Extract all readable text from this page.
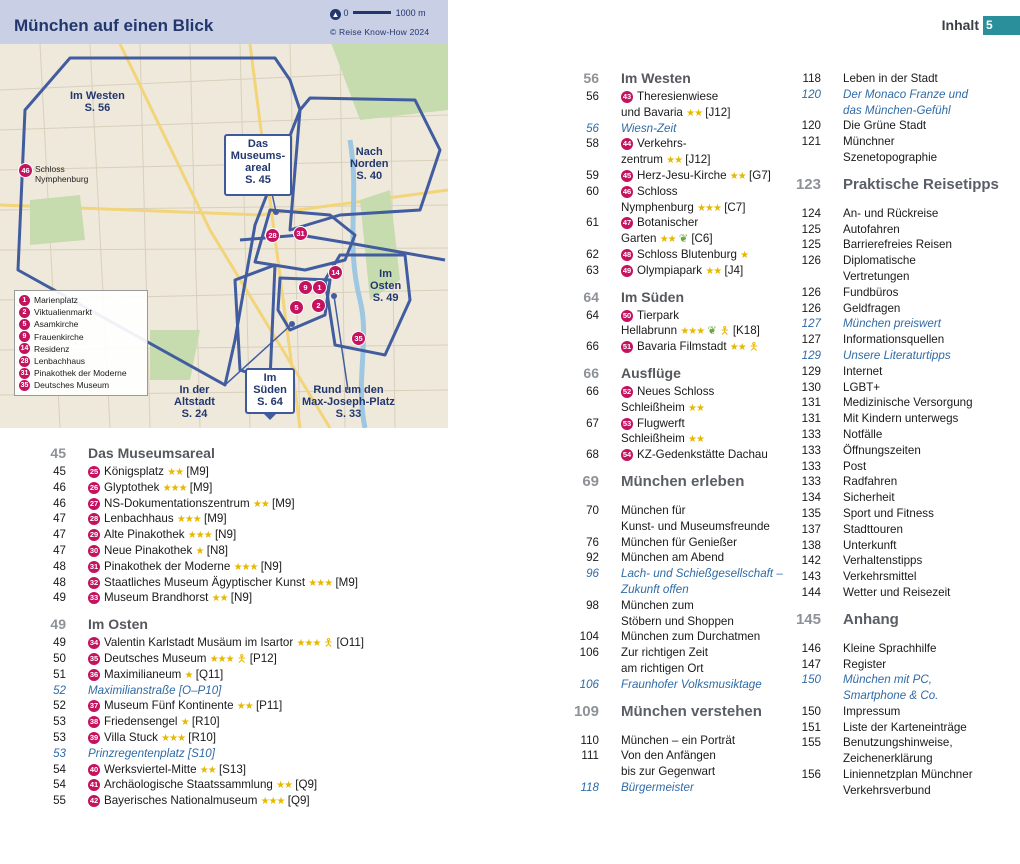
München auf einen Blick
▲ 0	1000 m
© Reise Know-How 2024
Im Westen
S. 56
Das
Museums-
areal
S. 45
Nach
Norden
S. 40
Im
Osten
S. 49
In der
Altstadt
S. 24
Im
Süden
S. 64
Rund um den
Max-Joseph-Platz
S. 33
46 Schloss
Nymphenburg
28	31
14
9	1
5	2
35
1 Marienplatz
2 Viktualienmarkt
5 Asamkirche
9 Frauenkirche
14 Residenz
28 Lenbachhaus
31 Pinakothek der Moderne
35 Deutsches Museum
45 Das Museumsareal
45	25 Königsplatz ★★ [M9]
46	26 Glyptothek ★★★ [M9]
46	27 NS-Dokumentationszentrum ★★ [M9]
47	28 Lenbachhaus ★★★ [M9]
47	29 Alte Pinakothek ★★★ [N9]
47	30 Neue Pinakothek ★ [N8]
48	31 Pinakothek der Moderne ★★★ [N9]
48	32 Staatliches Museum Ägyptischer Kunst ★★★ [M9]
49	33 Museum Brandhorst ★★ [N9]
49 Im Osten
49	34 Valentin Karlstadt Musäum im Isartor ★★★ 🯅 [O11]
50	35 Deutsches Museum ★★★ 🯅 [P12]
51	36 Maximilianeum ★ [Q11]
52 Maximilianstraße [O–P10]
52	37 Museum Fünf Kontinente ★★ [P11]
53	38 Friedensengel ★ [R10]
53	39 Villa Stuck ★★★ [R10]
53 Prinzregentenplatz [S10]
54	40 Werksviertel-Mitte ★★ [S13]
54	41 Archäologische Staatssammlung ★★ [Q9]
55	42 Bayerisches Nationalmuseum ★★★ [Q9]
Inhalt 5
56 Im Westen
56	43 Theresienwiese
und Bavaria ★★ [J12]
56 Wiesn-Zeit
58	44 Verkehrs-
zentrum ★★ [J12]
59	45 Herz-Jesu-Kirche ★★ [G7]
60	46 Schloss
Nymphenburg ★★★ [C7]
61	47 Botanischer
Garten ★★ ❦ [C6]
62	48 Schloss Blutenburg ★
63	49 Olympiapark ★★ [J4]
64 Im Süden
64	50 Tierpark
Hellabrunn ★★★ ❦ 🯅 [K18]
66	51 Bavaria Filmstadt ★★ 🯅
66 Ausflüge
66	52 Neues Schloss
Schleißheim ★★
67	53 Flugwerft
Schleißheim ★★
68	54 KZ-Gedenkstätte Dachau
69 München erleben
70 München für
Kunst- und Museumsfreunde
76 München für Genießer
92 München am Abend
96 Lach- und Schießgesellschaft –
Zukunft offen
98 München zum
Stöbern und Shoppen
104 München zum Durchatmen
106 Zur richtigen Zeit
am richtigen Ort
106 Fraunhofer Volksmusiktage
109 München verstehen
110 München – ein Porträt
111 Von den Anfängen
bis zur Gegenwart
118 Bürgermeister
118 Leben in der Stadt
120 Der Monaco Franze und
das München-Gefühl
120 Die Grüne Stadt
121 Münchner
Szenetopographie
123 Praktische Reisetipps
124 An- und Rückreise
125 Autofahren
125 Barrierefreies Reisen
126 Diplomatische
Vertretungen
126 Fundbüros
126 Geldfragen
127 München preiswert
127 Informationsquellen
129 Unsere Literaturtipps
129 Internet
130 LGBT+
131 Medizinische Versorgung
131 Mit Kindern unterwegs
133 Notfälle
133 Öffnungszeiten
133 Post
133 Radfahren
134 Sicherheit
135 Sport und Fitness
137 Stadttouren
138 Unterkunft
142 Verhaltenstipps
143 Verkehrsmittel
144 Wetter und Reisezeit
145 Anhang
146 Kleine Sprachhilfe
147 Register
150 München mit PC,
Smartphone & Co.
150 Impressum
151 Liste der Karteneinträge
155 Benutzungshinweise,
Zeichenerklärung
156 Liniennetzplan Münchner
Verkehrsverbund
